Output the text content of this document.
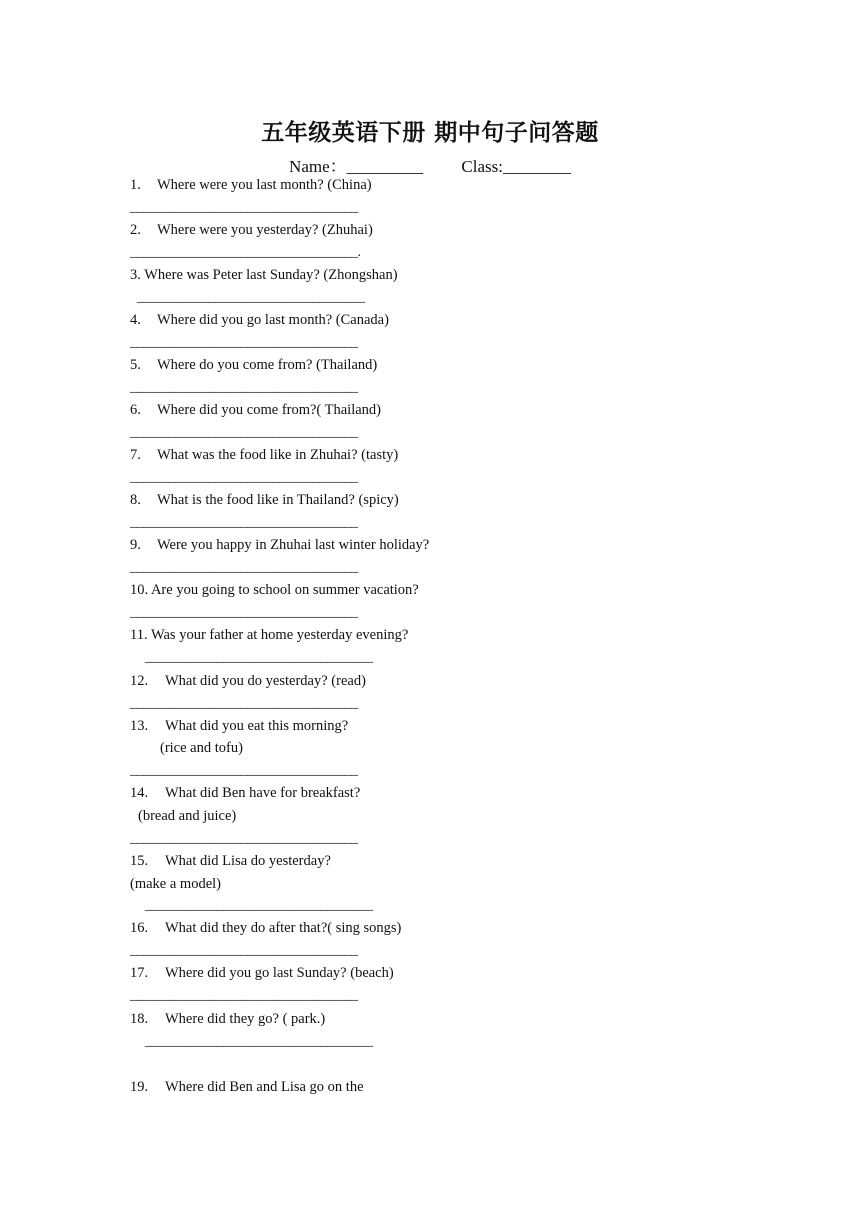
五年级英语下册 期中句子问答题
Name：_________ Class:________
1. Where were you last month? (China)
___________________________________
2. Where were you yesterday? (Zhuhai)
___________________________________.
3. Where was Peter last Sunday? (Zhongshan)
___________________________________
4. Where did you go last month? (Canada)
___________________________________
5. Where do you come from? (Thailand)
___________________________________
6. Where did you come from?( Thailand)
___________________________________
7. What was the food like in Zhuhai? (tasty)
___________________________________
8. What is the food like in Thailand? (spicy)
___________________________________
9. Were you happy in Zhuhai last winter holiday?
___________________________________
10. Are you going to school on summer vacation?
___________________________________
11. Was your father at home yesterday evening?
___________________________________
12. What did you do yesterday? (read)
___________________________________
13. What did you eat this morning?
(rice and tofu)
___________________________________
14. What did Ben have for breakfast?
(bread and juice)
___________________________________
15. What did Lisa do yesterday?
(make a model)
___________________________________
16. What did they do after that?( sing songs)
___________________________________
17. Where did you go last Sunday? (beach)
___________________________________
18. Where did they go? ( park.)
___________________________________
19. Where did Ben and Lisa go on the
